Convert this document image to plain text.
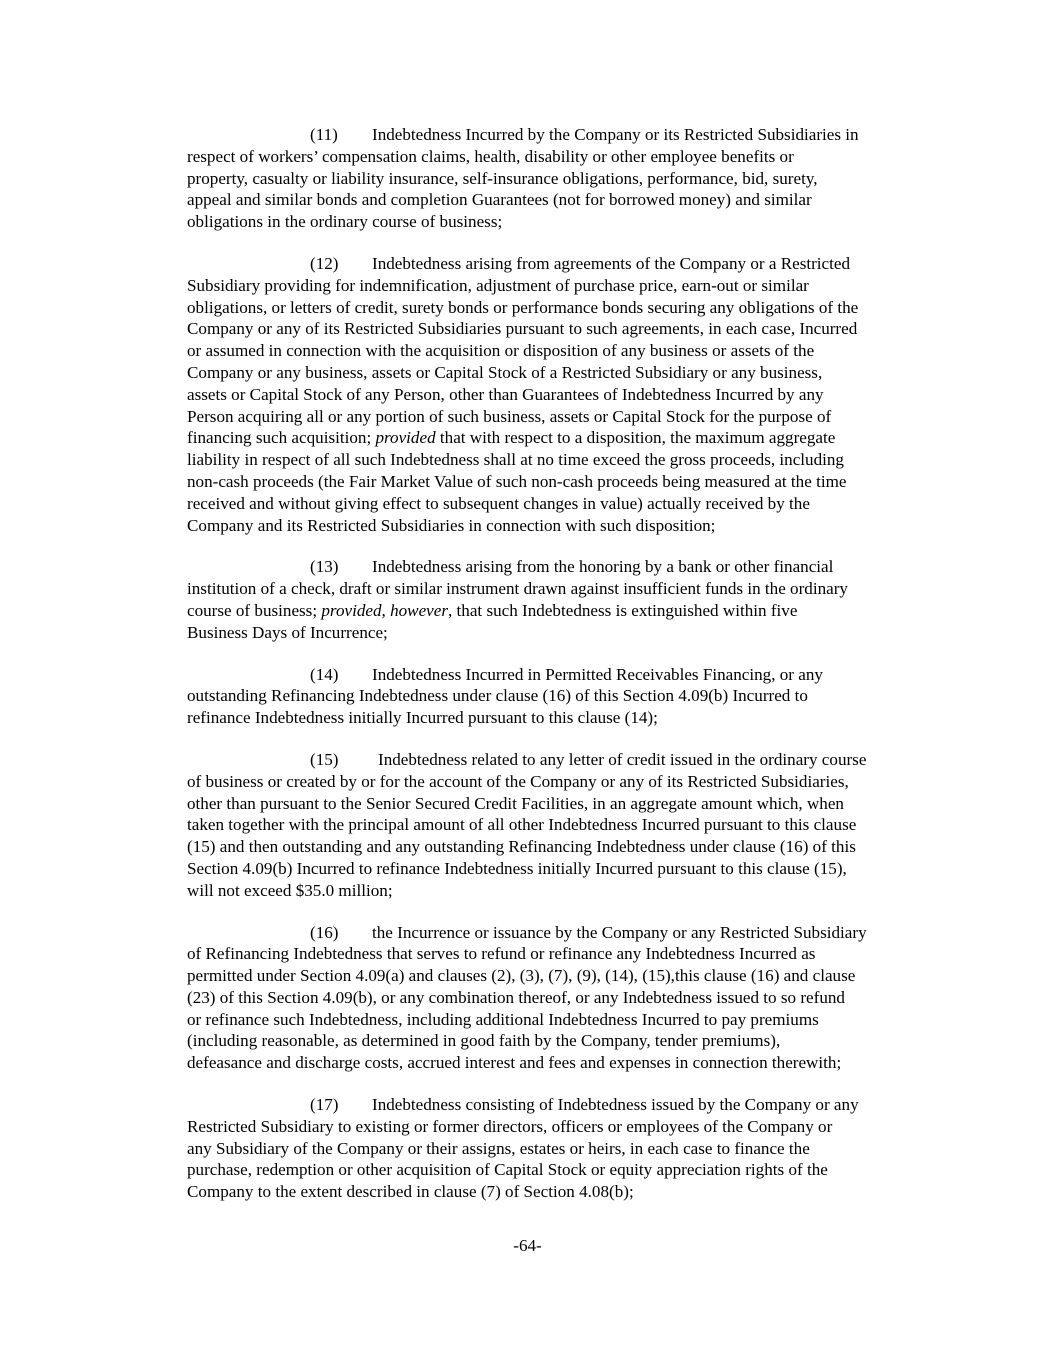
(11) Indebtedness Incurred by the Company or its Restricted Subsidiaries in
respect of workers’ compensation claims, health, disability or other employee benefits or
property, casualty or liability insurance, self-insurance obligations, performance, bid, surety,
appeal and similar bonds and completion Guarantees (not for borrowed money) and similar
obligations in the ordinary course of business;

(12) Indebtedness arising from agreements of the Company or a Restricted
Subsidiary providing for indemnification, adjustment of purchase price, earn-out or similar
obligations, or letters of credit, surety bonds or performance bonds securing any obligations of the
Company or any of its Restricted Subsidiaries pursuant to such agreements, in each case, Incurred
or assumed in connection with the acquisition or disposition of any business or assets of the
Company or any business, assets or Capital Stock of a Restricted Subsidiary or any business,
assets or Capital Stock of any Person, other than Guarantees of Indebtedness Incurred by any
Person acquiring all or any portion of such business, assets or Capital Stock for the purpose of
financing such acquisition; provided that with respect to a disposition, the maximum aggregate
liability in respect of all such Indebtedness shall at no time exceed the gross proceeds, including
non-cash proceeds (the Fair Market Value of such non-cash proceeds being measured at the time
received and without giving effect to subsequent changes in value) actually received by the
Company and its Restricted Subsidiaries in connection with such disposition;

(13) Indebtedness arising from the honoring by a bank or other financial
institution of a check, draft or similar instrument drawn against insufficient funds in the ordinary
course of business; provided, however, that such Indebtedness is extinguished within five
Business Days of Incurrence;

(14) Indebtedness Incurred in Permitted Receivables Financing, or any
outstanding Refinancing Indebtedness under clause (16) of this Section 4.09(b) Incurred to
refinance Indebtedness initially Incurred pursuant to this clause (14);

(15) Indebtedness related to any letter of credit issued in the ordinary course
of business or created by or for the account of the Company or any of its Restricted Subsidiaries,
other than pursuant to the Senior Secured Credit Facilities, in an aggregate amount which, when
taken together with the principal amount of all other Indebtedness Incurred pursuant to this clause
(15) and then outstanding and any outstanding Refinancing Indebtedness under clause (16) of this
Section 4.09(b) Incurred to refinance Indebtedness initially Incurred pursuant to this clause (15),
will not exceed $35.0 million;

(16) the Incurrence or issuance by the Company or any Restricted Subsidiary
of Refinancing Indebtedness that serves to refund or refinance any Indebtedness Incurred as
permitted under Section 4.09(a) and clauses (2), (3), (7), (9), (14), (15),this clause (16) and clause
(23) of this Section 4.09(b), or any combination thereof, or any Indebtedness issued to so refund
or refinance such Indebtedness, including additional Indebtedness Incurred to pay premiums
(including reasonable, as determined in good faith by the Company, tender premiums),
defeasance and discharge costs, accrued interest and fees and expenses in connection therewith;

(17) Indebtedness consisting of Indebtedness issued by the Company or any
Restricted Subsidiary to existing or former directors, officers or employees of the Company or
any Subsidiary of the Company or their assigns, estates or heirs, in each case to finance the
purchase, redemption or other acquisition of Capital Stock or equity appreciation rights of the
Company to the extent described in clause (7) of Section 4.08(b);

-64-
